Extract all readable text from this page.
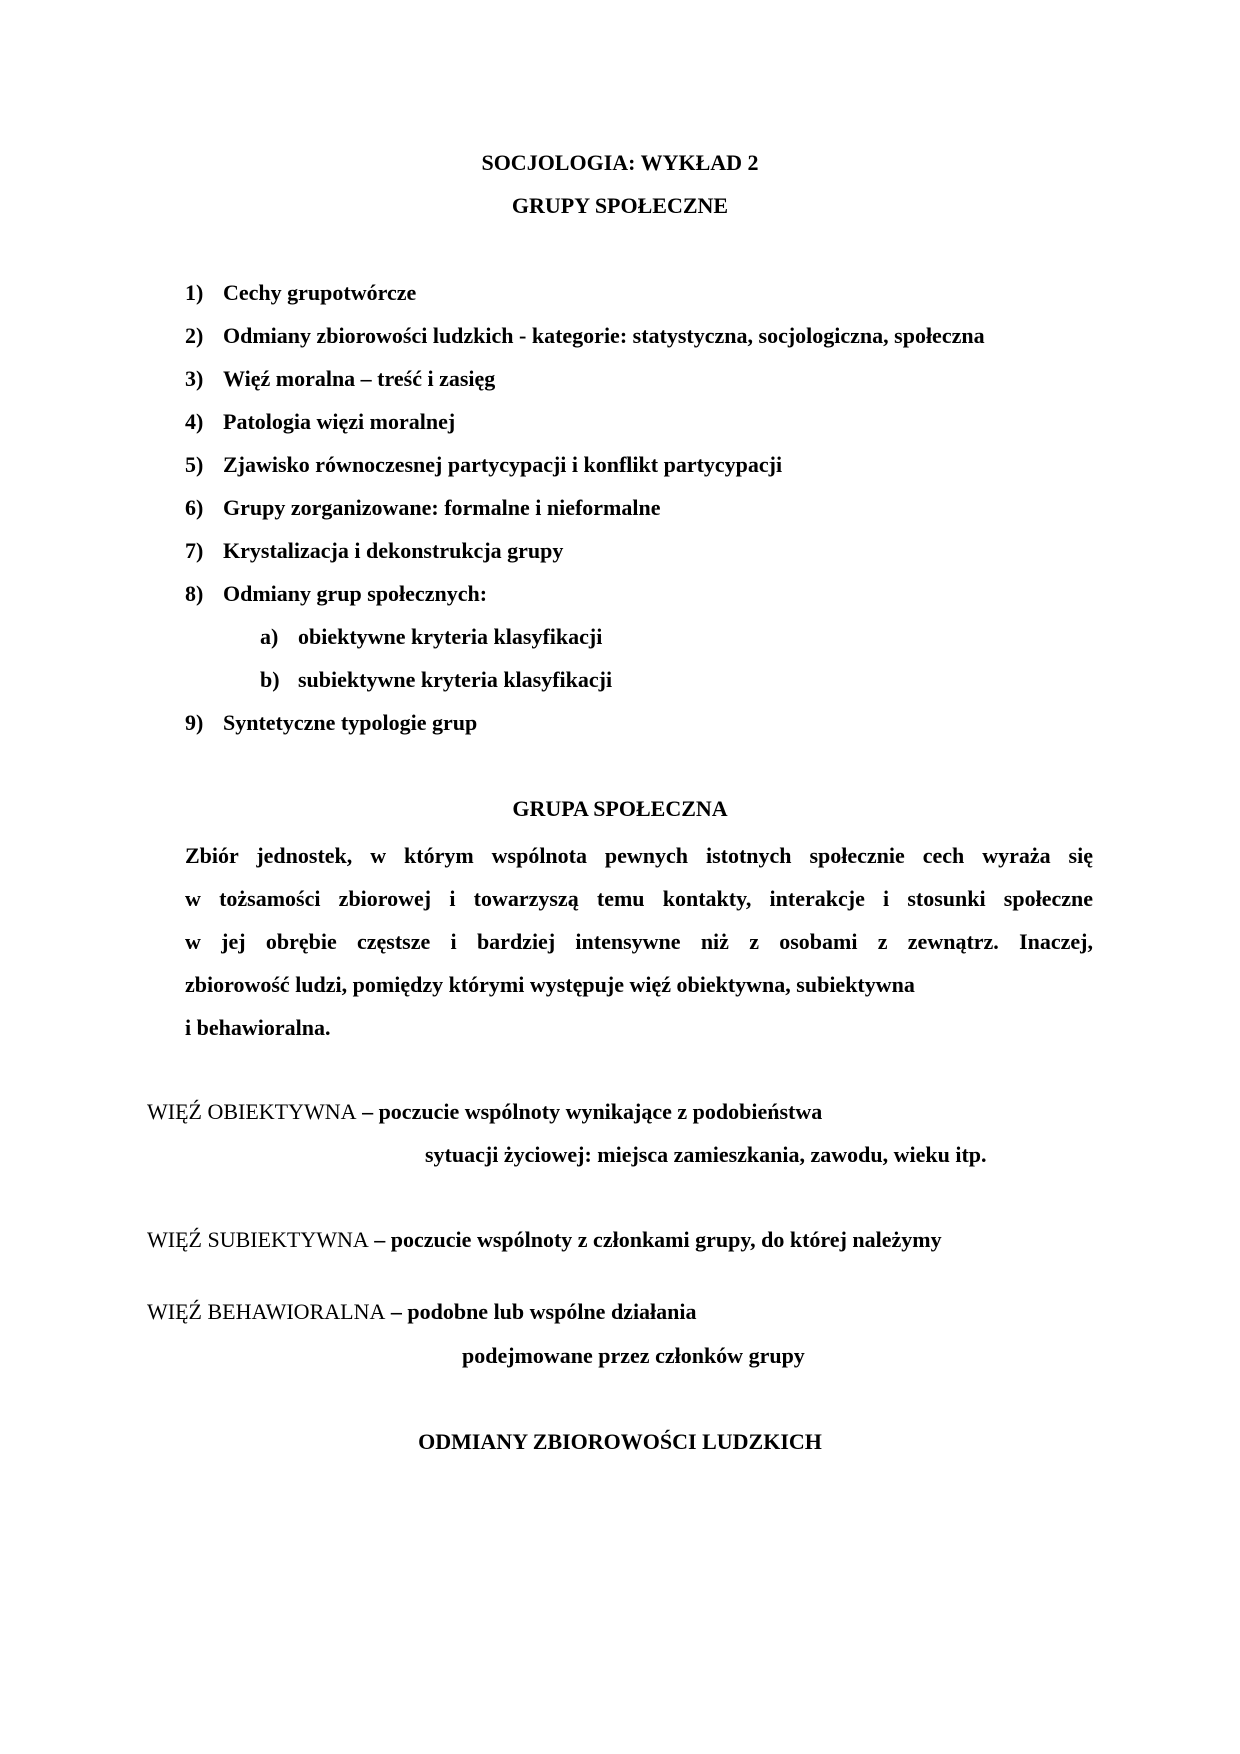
SOCJOLOGIA: WYKŁAD 2
GRUPY SPOŁECZNE
1) Cechy grupotwórcze
2) Odmiany zbiorowości ludzkich - kategorie: statystyczna, socjologiczna, społeczna
3) Więź moralna – treść i zasięg
4) Patologia więzi moralnej
5) Zjawisko równoczesnej partycypacji i konflikt partycypacji
6) Grupy zorganizowane: formalne i nieformalne
7) Krystalizacja i dekonstrukcja grupy
8) Odmiany grup społecznych:
a) obiektywne kryteria klasyfikacji
b) subiektywne kryteria klasyfikacji
9) Syntetyczne typologie grup
GRUPA SPOŁECZNA
Zbiór jednostek, w którym wspólnota pewnych istotnych społecznie cech wyraża się
w tożsamości zbiorowej i towarzyszą temu kontakty, interakcje i stosunki społeczne
w jej obrębie częstsze i bardziej intensywne niż z osobami z zewnątrz. Inaczej,
zbiorowość ludzi, pomiędzy którymi występuje więź obiektywna, subiektywna
i behawioralna.
WIĘŹ OBIEKTYWNA – poczucie wspólnoty wynikające z podobieństwa
sytuacji życiowej: miejsca zamieszkania, zawodu, wieku itp.
WIĘŹ SUBIEKTYWNA – poczucie wspólnoty z członkami grupy, do której należymy
WIĘŹ BEHAWIORALNA – podobne lub wspólne działania
podejmowane przez członków grupy
ODMIANY ZBIOROWOŚCI LUDZKICH
